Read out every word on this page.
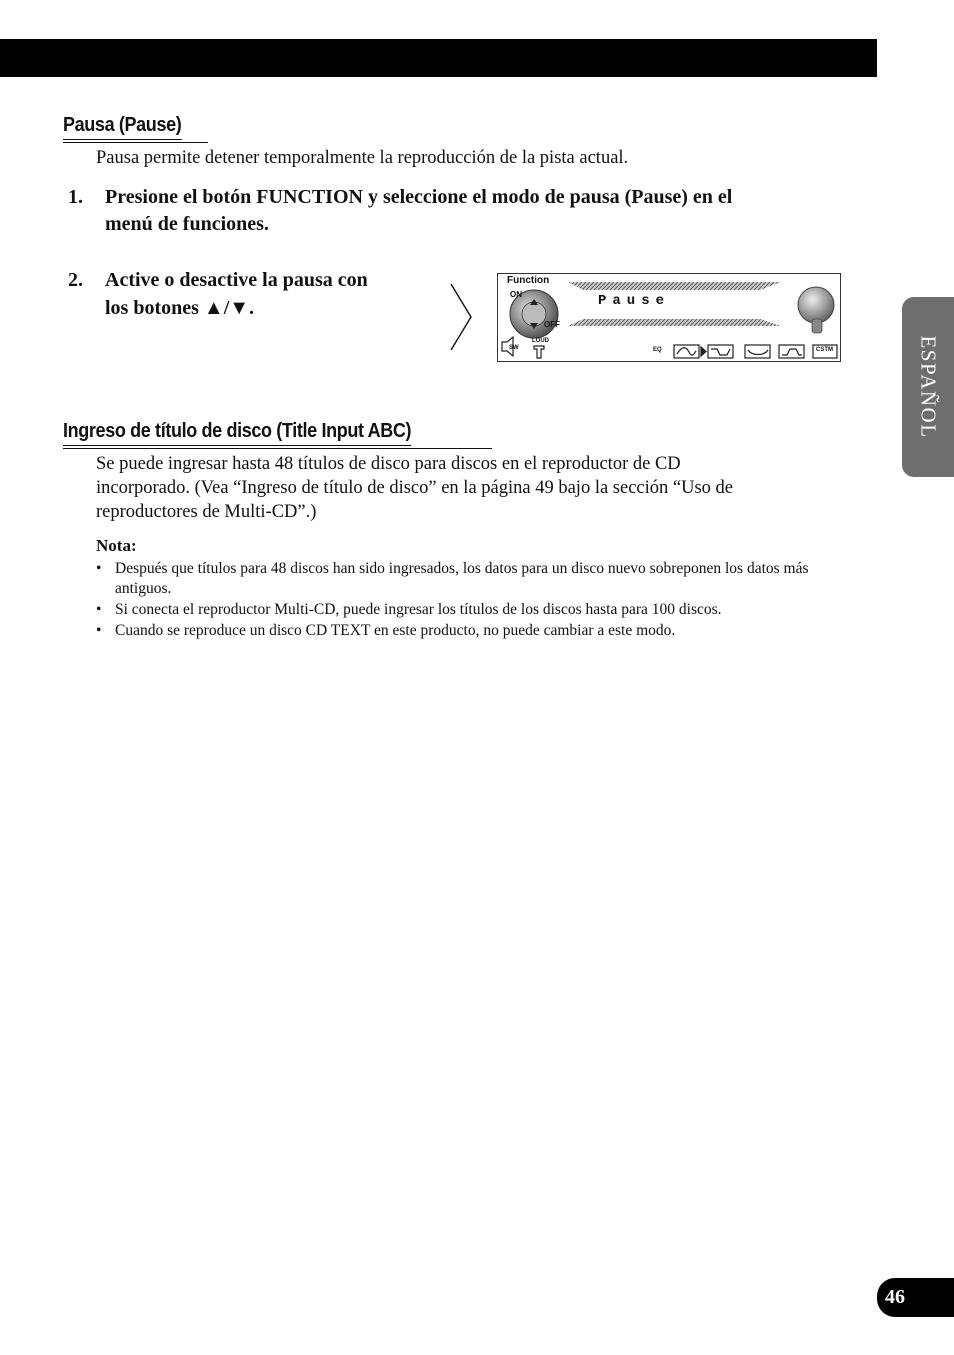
Pausa (Pause)

Pausa permite detener temporalmente la reproducción de la pista actual.

1. Presione el botón FUNCTION y seleccione el modo de pausa (Pause) en el
menú de funciones.
2. Active o desactive la pausa con
los botones ▲/▼.
Function
ON
OFF
ON
Pause
SW
LOUD
EQ	CSTM
Ingreso de título de disco (Title Input ABC)

Se puede ingresar hasta 48 títulos de disco para discos en el reproductor de CD

incorporado. (Vea “Ingreso de título de disco” en la página 49 bajo la sección “Uso de

reproductores de Multi-CD”.)

Nota:
• Después que títulos para 48 discos han sido ingresados, los datos para un disco nuevo sobreponen los datos más antiguos.
• Si conecta el reproductor Multi-CD, puede ingresar los títulos de los discos hasta para 100 discos.
• Cuando se reproduce un disco CD TEXT en este producto, no puede cambiar a este modo.
ESPAÑOL
46
